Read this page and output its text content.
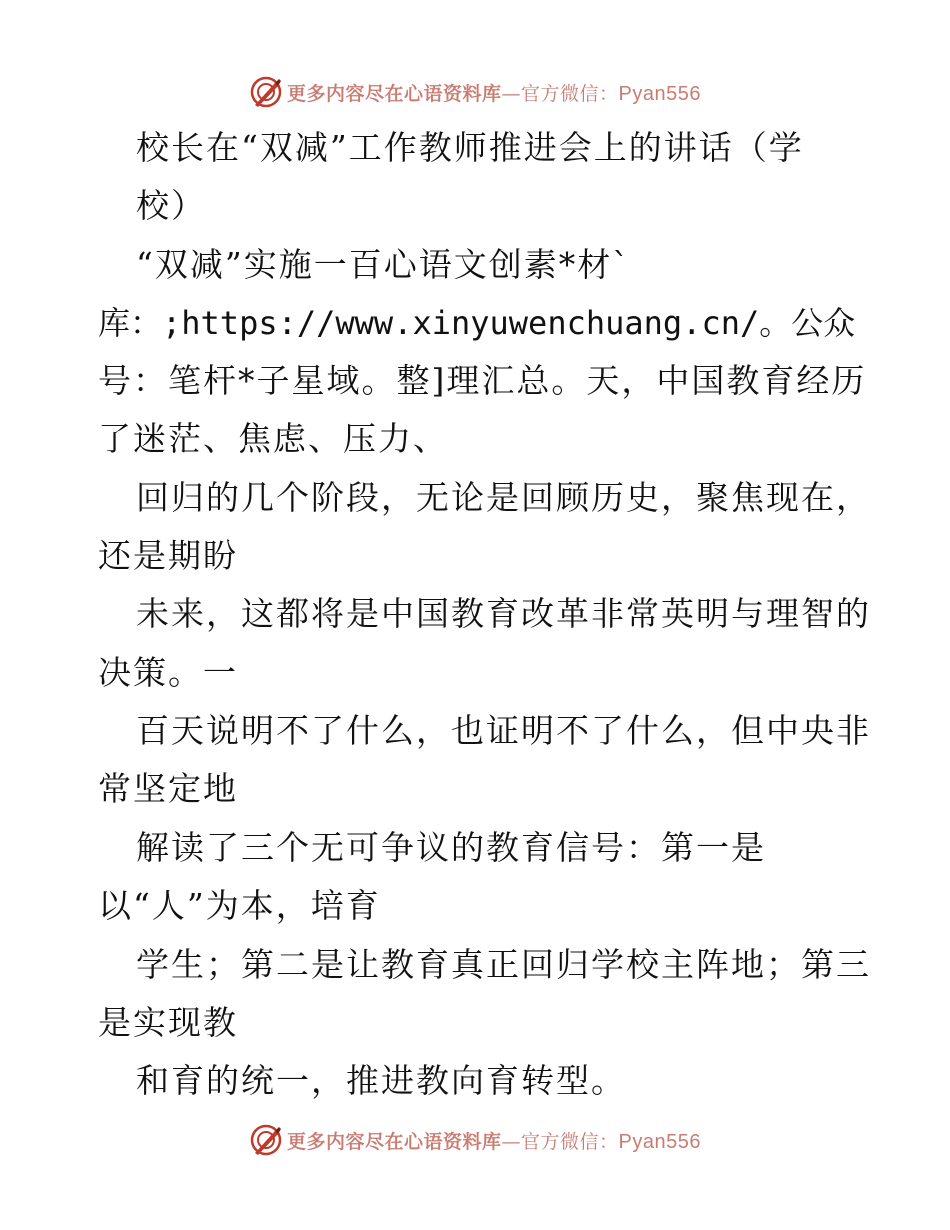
更多内容尽在心语资料库—官方微信：Pyan556
校长在“双减”工作教师推进会上的讲话（学
校）
“双减”实施一百心语文创素*材`
库：;https://www.xinyuwenchuang.cn/。公众
号：笔杆*子星域。整]理汇总。天，中国教育经历
了迷茫、焦虑、压力、
回归的几个阶段，无论是回顾历史，聚焦现在，
还是期盼
未来，这都将是中国教育改革非常英明与理智的
决策。一
百天说明不了什么，也证明不了什么，但中央非
常坚定地
解读了三个无可争议的教育信号：第一是
以“人”为本，培育
学生；第二是让教育真正回归学校主阵地；第三
是实现教
和育的统一，推进教向育转型。
更多内容尽在心语资料库—官方微信：Pyan556
